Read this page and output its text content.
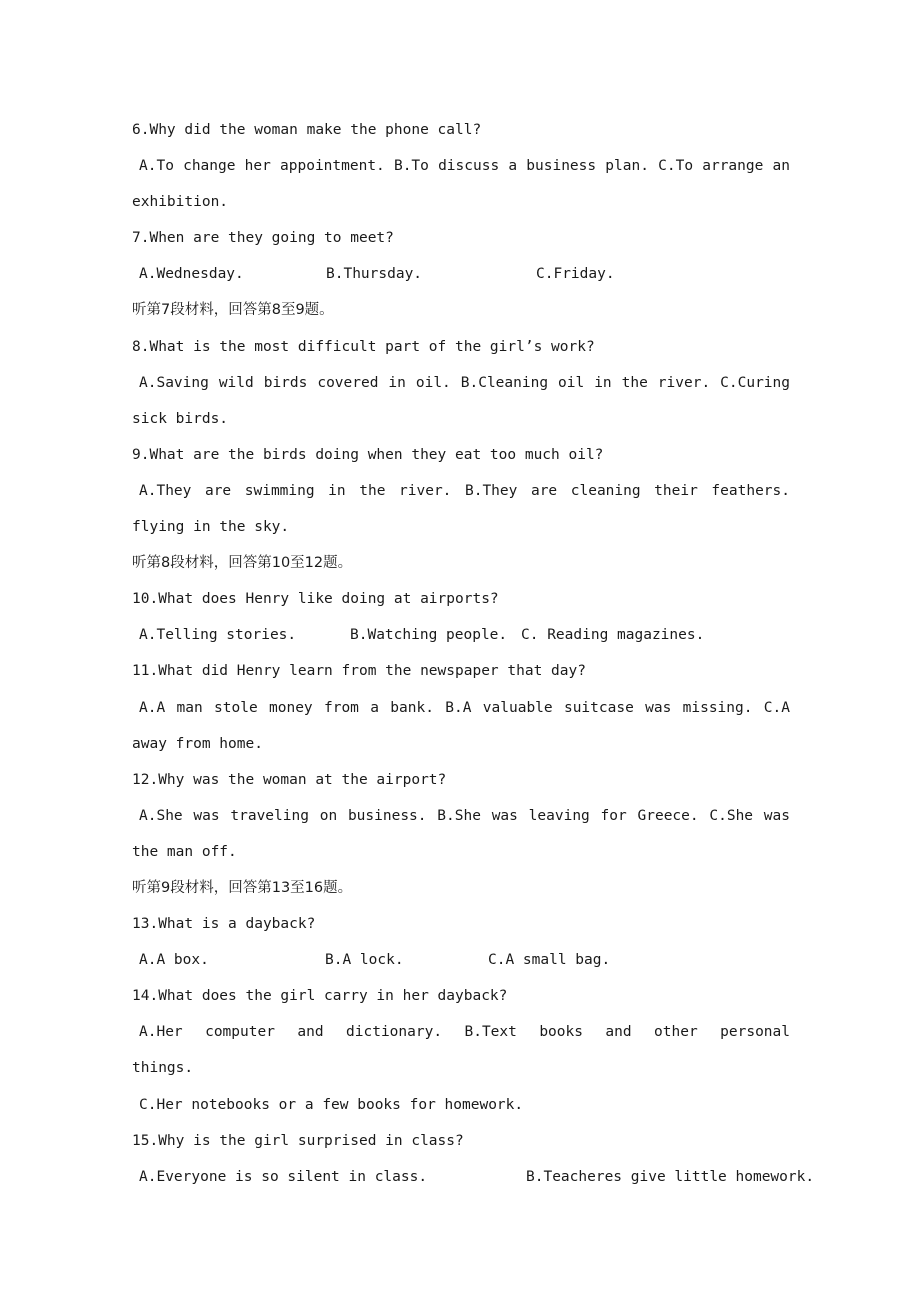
6.Why did the woman make the phone call?
A.To change her appointment. B.To discuss a business plan. C.To arrange an
exhibition.
7.When are they going to meet?
A.Wednesday.	B.Thursday.	C.Friday.
听第7段材料，回答第8至9题。
8.What is the most difficult part of the girl’s work?
A.Saving wild birds covered in oil. B.Cleaning oil in the river. C.Curing
sick birds.
9.What are the birds doing when they eat too much oil?
A.They are swimming in the river. B.They are cleaning their feathers.
flying in the sky.
听第8段材料，回答第10至12题。
10.What does Henry like doing at airports?
A.Telling stories.	B.Watching people. C. Reading magazines.
11.What did Henry learn from the newspaper that day?
A.A man stole money from a bank. B.A valuable suitcase was missing. C.A
away from home.
12.Why was the woman at the airport?
A.She was traveling on business. B.She was leaving for Greece. C.She was
the man off.
听第9段材料，回答第13至16题。
13.What is a dayback?
A.A box.	B.A lock.	C.A small bag.
14.What does the girl carry in her dayback?
A.Her computer and dictionary. B.Text books and other personal
things.
C.Her notebooks or a few books for homework.
15.Why is the girl surprised in class?
A.Everyone is so silent in class.	B.Teacheres give little homework.
